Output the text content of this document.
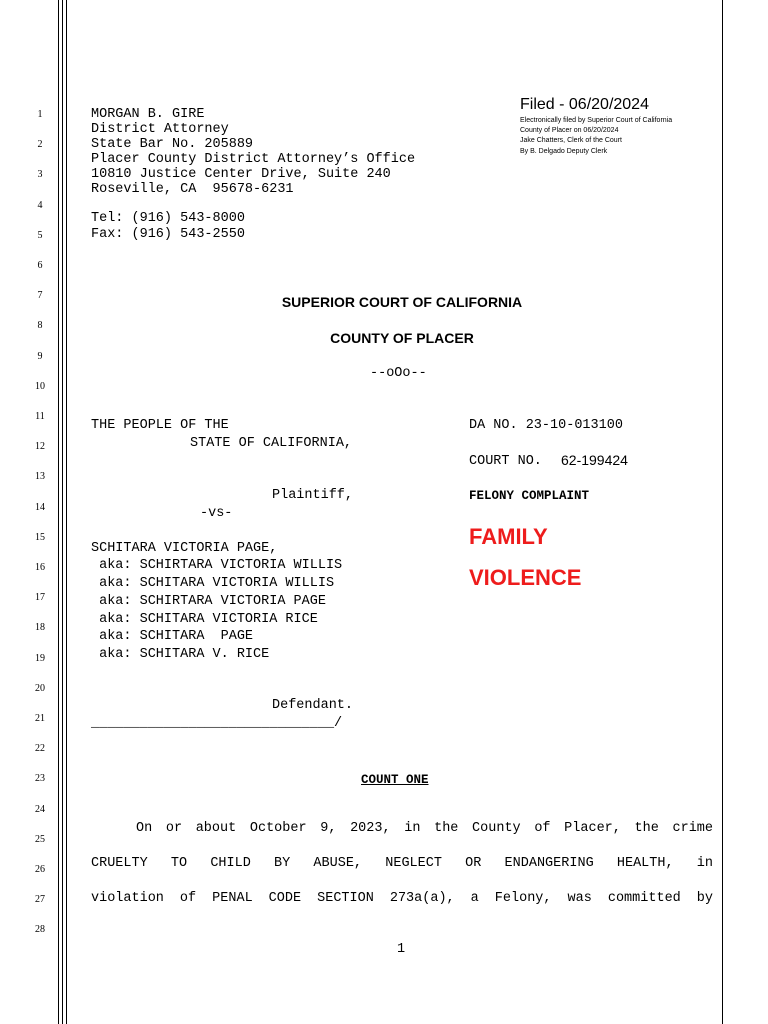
1
2
3
4
5
6
7
8
9
10
11
12
13
14
15
16
17
18
19
20
21
22
23
24
25
26
27
28
MORGAN B. GIRE
District Attorney
State Bar No. 205889
Placer County District Attorney’s Office
10810 Justice Center Drive, Suite 240
Roseville, CA  95678-6231
Tel: (916) 543-8000
Fax: (916) 543-2550
Filed - 06/20/2024
Electronically filed by Superior Court of California
County of Placer on 06/20/2024
Jake Chatters, Clerk of the Court
By B. Delgado Deputy Clerk
SUPERIOR COURT OF CALIFORNIA
COUNTY OF PLACER
--oOo--
THE PEOPLE OF THE
STATE OF CALIFORNIA,
Plaintiff,
-vs-
SCHITARA VICTORIA PAGE,
aka: SCHIRTARA VICTORIA WILLIS
aka: SCHITARA VICTORIA WILLIS
aka: SCHIRTARA VICTORIA PAGE
aka: SCHITARA VICTORIA RICE
aka: SCHITARA  PAGE
aka: SCHITARA V. RICE
Defendant.
______________________________/
DA NO. 23-10-013100
COURT NO. 62-199424
FELONY COMPLAINT
FAMILY
VIOLENCE
COUNT ONE
On or about October 9, 2023, in the County of Placer, the crime
CRUELTY TO CHILD BY ABUSE, NEGLECT OR ENDANGERING HEALTH, in
violation of PENAL CODE SECTION 273a(a), a Felony, was committed by
1
